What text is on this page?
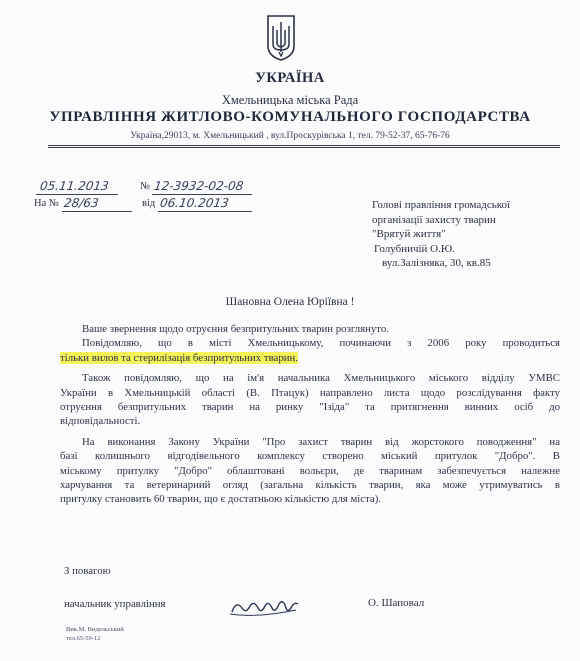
УКРАЇНА
Хмельницька міська Рада
УПРАВЛІННЯ ЖИТЛОВО-КОМУНАЛЬНОГО ГОСПОДАРСТВА
Україна,29013, м. Хмельницький , вул.Проскурівська 1, тел. 79-52-37, 65-76-76
05.11.2013	№ 12-3932-02-08
На № 28/63	від 06.10.2013	Голові правління громадської
організації захисту тварин
"Врятуй життя"
Голубничій О.Ю.
вул.Залізняка, 30, кв.85
Шановна Олена Юріївна !
Ваше звернення щодо отруєння безпритульних тварин розглянуто.
Повідомляю, що в місті Хмельницькому, починаючи з 2006 року проводиться
тільки вилов та стерилізація безпритульних тварин.
Також повідомляю, що на ім'я начальника Хмельницького міського відділу УМВС
України в Хмельницькій області (В. Птацук) направлено листа щодо розслідування факту
отруєння безпритульних тварин на ринку "Ізіда" та притягнення винних осіб до
відповідальності.
На виконання Закону України "Про захист тварин від жорстокого поводження" на
базі колишнього відгодівельного комплексу створено міський притулок "Добро". В
міському притулку "Добро" облаштовані вольєри, де тваринам забезпечується належне
харчування та ветеринарний огляд (загальна кількість тварин, яка може утримуватись в
притулку становить 60 тварин, що є достатньою кількістю для міста).
З повагою
начальник управління	О. Шаповал
Вик.М. Видельський
тел.65-59-12
